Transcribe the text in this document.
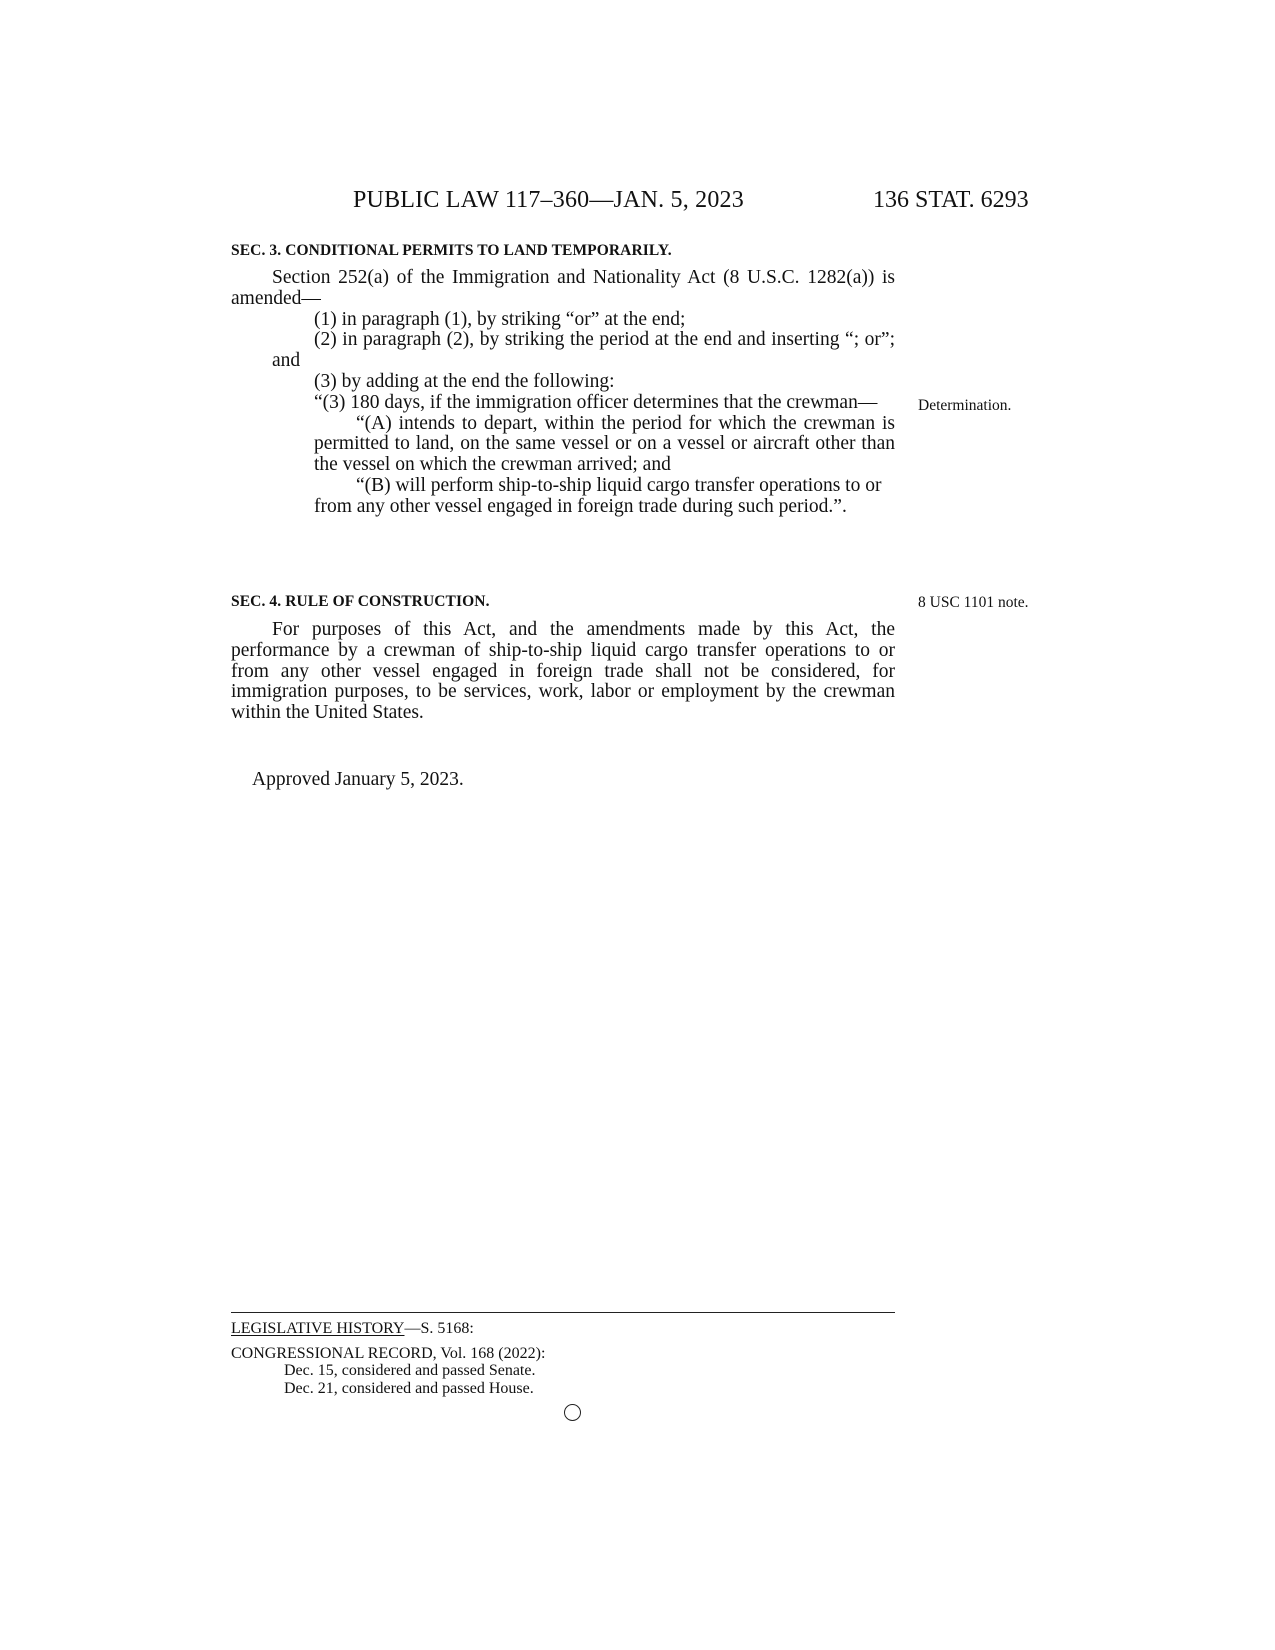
PUBLIC LAW 117–360—JAN. 5, 2023	136 STAT. 6293
SEC. 3. CONDITIONAL PERMITS TO LAND TEMPORARILY.

Section 252(a) of the Immigration and Nationality Act (8 U.S.C. 1282(a)) is amended—

(1) in paragraph (1), by striking “or” at the end;

(2) in paragraph (2), by striking the period at the end and inserting “; or”; and

(3) by adding at the end the following:

“(3) 180 days, if the immigration officer determines that the crewman—

“(A) intends to depart, within the period for which the crewman is permitted to land, on the same vessel or on a vessel or aircraft other than the vessel on which the crewman arrived; and

“(B) will perform ship-to-ship liquid cargo transfer operations to or from any other vessel engaged in foreign trade during such period.”.

Determination.
SEC. 4. RULE OF CONSTRUCTION.	8 USC 1101 note.

For purposes of this Act, and the amendments made by this Act, the performance by a crewman of ship-to-ship liquid cargo transfer operations to or from any other vessel engaged in foreign trade shall not be considered, for immigration purposes, to be services, work, labor or employment by the crewman within the United States.

Approved January 5, 2023.
LEGISLATIVE HISTORY—S. 5168:
CONGRESSIONAL RECORD, Vol. 168 (2022):
Dec. 15, considered and passed Senate.
Dec. 21, considered and passed House.
